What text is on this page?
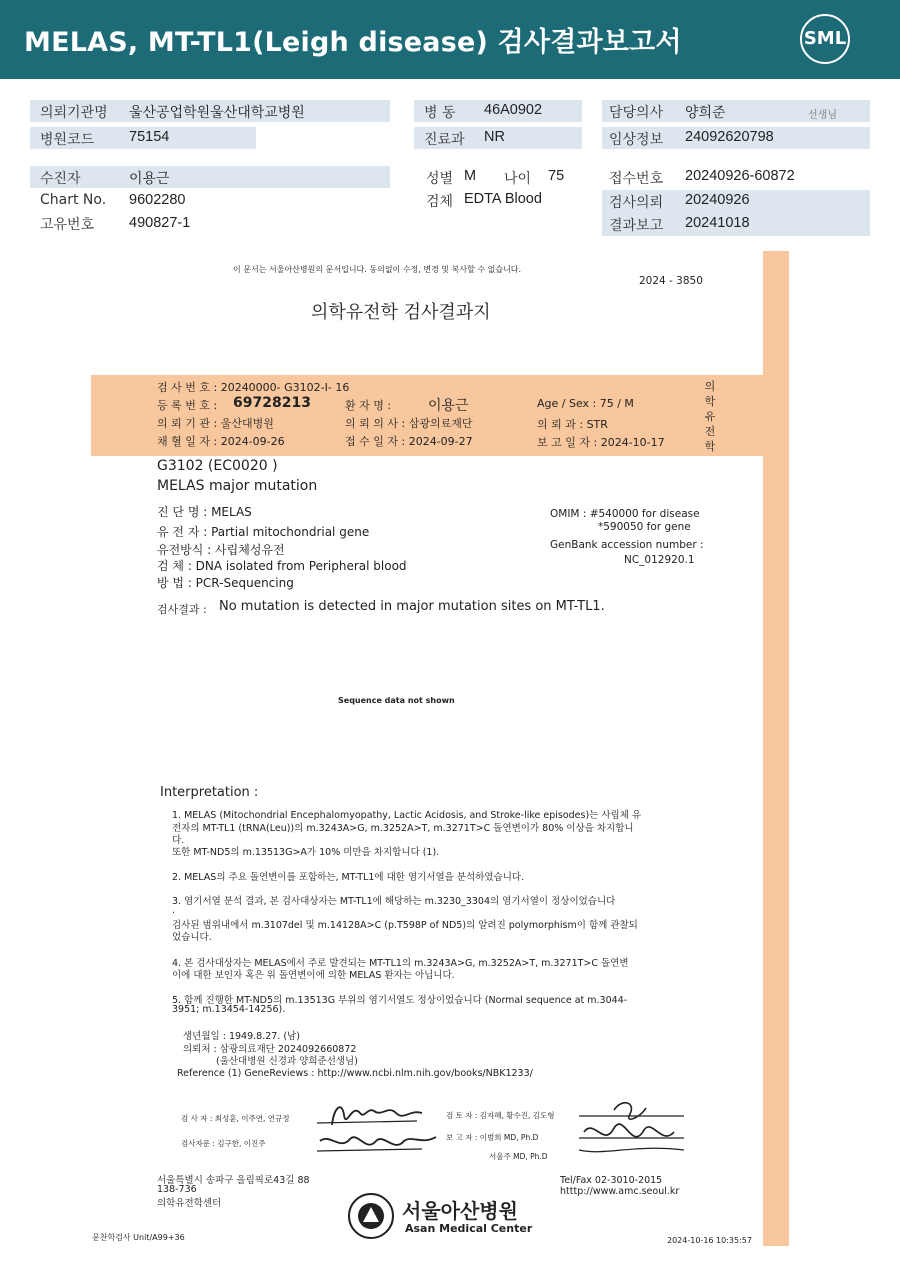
MELAS, MT-TL1(Leigh disease) 검사결과보고서	SML
의뢰기관명 울산공업학원울산대학교병원
병원코드 75154
병 동 46A0902
진료과 NR
담당의사 양희준	선생님
임상정보 24092620798
수진자	이용근
Chart No. 9602280
고유번호 490827-1
성별 M 나이 75
검체 EDTA Blood
접수번호 20240926-60872
검사의뢰 20240926
결과보고 20241018
이 문서는 서울아산병원의 문서입니다. 동의없이 수정, 변경 및 복사할 수 없습니다.
2024 - 3850
의학유전학 검사결과지
검 사 번 호 : 20240000- G3102-I- 16
등 록 번 호 : 69728213	환 자 명 :	이용근	Age / Sex : 75 / M
의 뢰 기 관 : 울산대병원	의 뢰 의 사 : 삼광의료재단	의 뢰 과 : STR
채 혈 일 자 : 2024-09-26	접 수 일 자 : 2024-09-27	보 고 일 자 : 2024-10-17
의
학
유
전
학
G3102 (EC0020 )
MELAS major mutation
진 단 명 : MELAS
유 전 자 : Partial mitochondrial gene
유전방식 : 사립체성유전
검 체 : DNA isolated from Peripheral blood
방 법 : PCR-Sequencing
OMIM : #540000 for disease
*590050 for gene
GenBank accession number :
NC_012920.1
검사결과 : No mutation is detected in major mutation sites on MT-TL1.
Sequence data not shown
Interpretation :
1. MELAS (Mitochondrial Encephalomyopathy, Lactic Acidosis, and Stroke-like episodes)는 사립체 유
전자의 MT-TL1 (tRNA(Leu))의 m.3243A>G, m.3252A>T, m.3271T>C 돌연변이가 80% 이상을 차지합니
다.
또한 MT-ND5의 m.13513G>A가 10% 미만을 차지합니다 (1).
2. MELAS의 주요 돌연변이를 포함하는, MT-TL1에 대한 염기서열을 분석하였습니다.
3. 염기서열 분석 결과, 본 검사대상자는 MT-TL1에 해당하는 m.3230_3304의 염기서열이 정상이었습니다
.
검사된 범위내에서 m.3107del 및 m.14128A>C (p.T598P of ND5)의 알려진 polymorphism이 함께 관찰되
었습니다.
4. 본 검사대상자는 MELAS에서 주로 발견되는 MT-TL1의 m.3243A>G, m.3252A>T, m.3271T>C 돌연변
이에 대한 보인자 혹은 위 돌연변이에 의한 MELAS 환자는 아닙니다.
5. 함께 진행한 MT-ND5의 m.13513G 부위의 염기서열도 정상이었습니다 (Normal sequence at m.3044-
3951; m.13454-14256).
생년월일 : 1949.8.27. (남)
의뢰처 : 삼광의료재단 2024092660872
(울산대병원 신경과 양희준선생님)
Reference (1) GeneReviews : http://www.ncbi.nlm.nih.gov/books/NBK1233/
검 사 자 : 최성훈, 이주연, 연규정	검 토 자 : 김자혜, 황수진, 김도형
검사자문 : 김구한, 이진주
보 고 자 : 이범희 MD, Ph.D
서울주 MD, Ph.D
서울특별시 송파구 올림픽로43길 88
138-736
의학유전학센터
Tel/Fax 02-3010-2015
htttp://www.amc.seoul.kr
서울아산병원
Asan Medical Center
문찬학검사 Unit/A99+36	2024-10-16 10:35:57
